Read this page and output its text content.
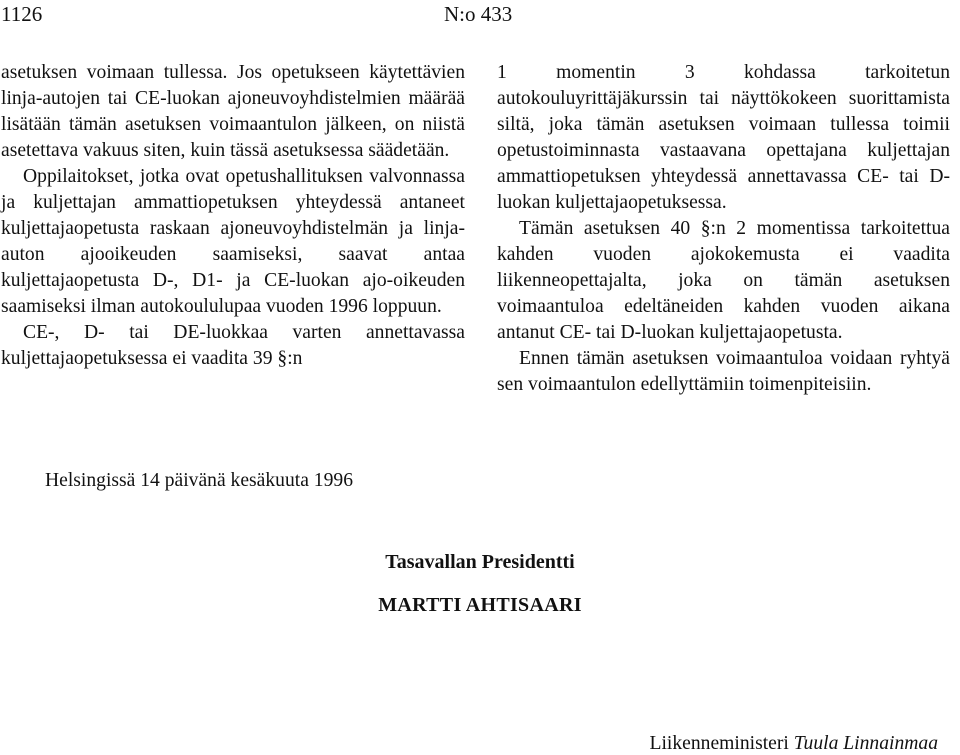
1126	N:o 433

asetuksen voimaan tullessa. Jos opetukseen käytettävien linja-autojen tai CE-luokan ajoneuvoyhdistelmien määrää lisätään tämän asetuksen voimaantulon jälkeen, on niistä asetettava vakuus siten, kuin tässä asetuksessa säädetään.

Oppilaitokset, jotka ovat opetushallituksen valvonnassa ja kuljettajan ammattiopetuksen yhteydessä antaneet kuljettajaopetusta raskaan ajoneuvoyhdistelmän ja linja-auton ajooikeuden saamiseksi, saavat antaa kuljettajaopetusta D-, D1- ja CE-luokan ajo-oikeuden saamiseksi ilman autokoululupaa vuoden 1996 loppuun.

CE-, D- tai DE-luokkaa varten annettavassa kuljettajaopetuksessa ei vaadita 39 §:n

1 momentin 3 kohdassa tarkoitetun autokouluyrittäjäkurssin tai näyttökokeen suorittamista siltä, joka tämän asetuksen voimaan tullessa toimii opetustoiminnasta vastaavana opettajana kuljettajan ammattiopetuksen yhteydessä annettavassa CE- tai D-luokan kuljettajaopetuksessa.

Tämän asetuksen 40 §:n 2 momentissa tarkoitettua kahden vuoden ajokokemusta ei vaadita liikenneopettajalta, joka on tämän asetuksen voimaantuloa edeltäneiden kahden vuoden aikana antanut CE- tai D-luokan kuljettajaopetusta.

Ennen tämän asetuksen voimaantuloa voidaan ryhtyä sen voimaantulon edellyttämiin toimenpiteisiin.

Helsingissä 14 päivänä kesäkuuta 1996
Tasavallan Presidentti
MARTTI AHTISAARI
Liikenneministeri Tuula Linnainmaa
